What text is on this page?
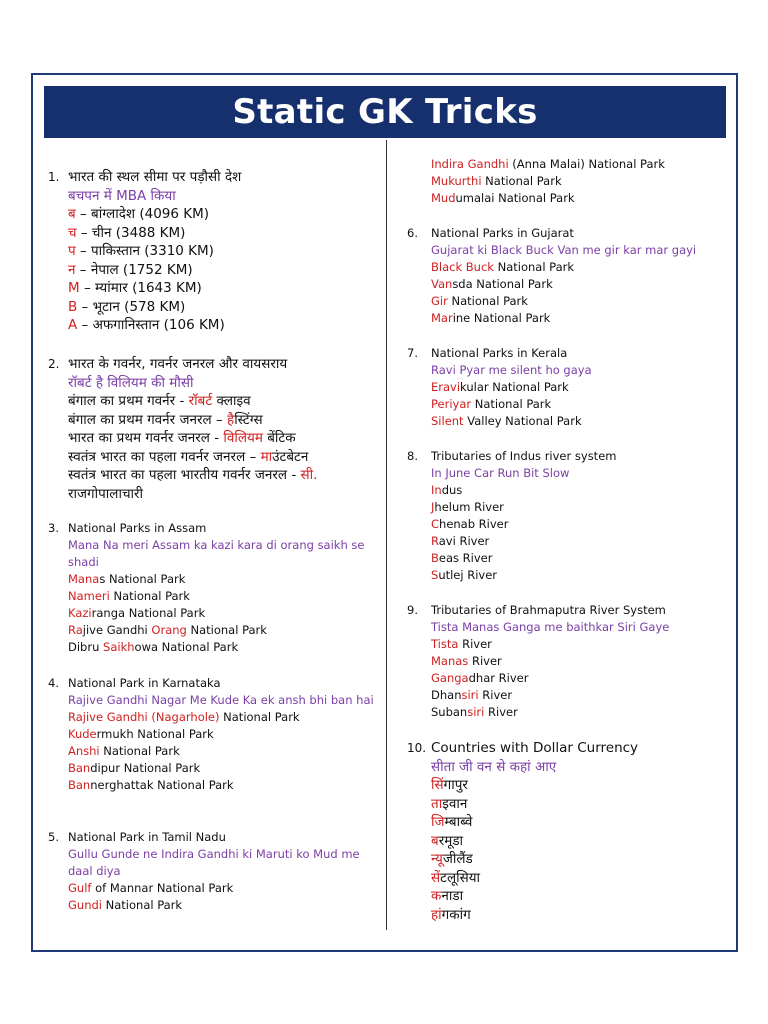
Static GK Tricks
1. भारत की स्थल सीमा पर पड़ौसी देश
बचपन में MBA किया
ब – बांग्लादेश (4096 KM)
च – चीन (3488 KM)
प – पाकिस्तान (3310 KM)
न – नेपाल (1752 KM)
M – म्यांमार (1643 KM)
B – भूटान (578 KM)
A – अफगानिस्तान (106 KM)
2. भारत के गवर्नर, गवर्नर जनरल और वायसराय
रॉबर्ट है विलियम की मौसी
बंगाल का प्रथम गवर्नर - रॉबर्ट क्लाइव
बंगाल का प्रथम गवर्नर जनरल – हैस्टिंग्स
भारत का प्रथम गवर्नर जनरल - विलियम बेंटिक
स्वतंत्र भारत का पहला गवर्नर जनरल – माउंटबेटन
स्वतंत्र भारत का पहला भारतीय गवर्नर जनरल - सी.
राजगोपालाचारी
3. National Parks in Assam
Mana Na meri Assam ka kazi kara di orang saikh se shadi
Manas National Park
Nameri National Park
Kaziranga National Park
Rajive Gandhi Orang National Park
Dibru Saikhowa National Park
4. National Park in Karnataka
Rajive Gandhi Nagar Me Kude Ka ek ansh bhi ban hai
Rajive Gandhi (Nagarhole) National Park
Kudermukh National Park
Anshi National Park
Bandipur National Park
Bannerghattak National Park
5. National Park in Tamil Nadu
Gullu Gunde ne Indira Gandhi ki Maruti ko Mud me daal diya
Gulf of Mannar National Park
Gundi National Park
Indira Gandhi (Anna Malai) National Park
Mukurthi National Park
Mudumalai National Park
6.	National Parks in Gujarat
Gujarat ki Black Buck Van me gir kar mar gayi
Black Buck National Park
Vansda National Park
Gir National Park
Marine National Park
7.	National Parks in Kerala
Ravi Pyar me silent ho gaya
Eravikular National Park
Periyar National Park
Silent Valley National Park
8.	Tributaries of Indus river system
In June Car Run Bit Slow
Indus
Jhelum River
Chenab River
Ravi River
Beas River
Sutlej River
9.	Tributaries of Brahmaputra River System
Tista Manas Ganga me baithkar Siri Gaye
Tista River
Manas River
Gangadhar River
Dhansiri River
Subansiri River
10. Countries with Dollar Currency
सीता जी वन से कहां आए
सिंगापुर
ताइवान
जिम्बाब्वे
बरमूडा
न्यूजीलैंड
सेंटलूसिया
कनाडा
हांगकांग
